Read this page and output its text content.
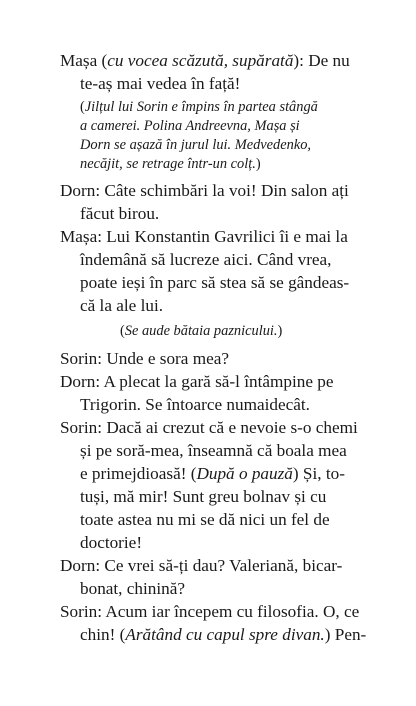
Mașa (cu vocea scăzută, supărată): De nu
te-aș mai vedea în față!
(Jilțul lui Sorin e împins în partea stângă
a camerei. Polina Andreevna, Mașa și
Dorn se așază în jurul lui. Medvedenko,
necăjit, se retrage într-un colț.)
Dorn: Câte schimbări la voi! Din salon ați
făcut birou.
Mașa: Lui Konstantin Gavrilici îi e mai la
îndemână să lucreze aici. Când vrea,
poate ieși în parc să stea să se gândeas-
că la ale lui.
(Se aude bătaia paznicului.)
Sorin: Unde e sora mea?
Dorn: A plecat la gară să-l întâmpine pe
Trigorin. Se întoarce numaidecât.
Sorin: Dacă ai crezut că e nevoie s-o chemi
și pe soră-mea, înseamnă că boala mea
e primejdioasă! (După o pauză) Și, to-
tuși, mă mir! Sunt greu bolnav și cu
toate astea nu mi se dă nici un fel de
doctorie!
Dorn: Ce vrei să-ți dau? Valeriană, bicar-
bonat, chinină?
Sorin: Acum iar începem cu filosofia. O, ce
chin! (Arătând cu capul spre divan.) Pen-
